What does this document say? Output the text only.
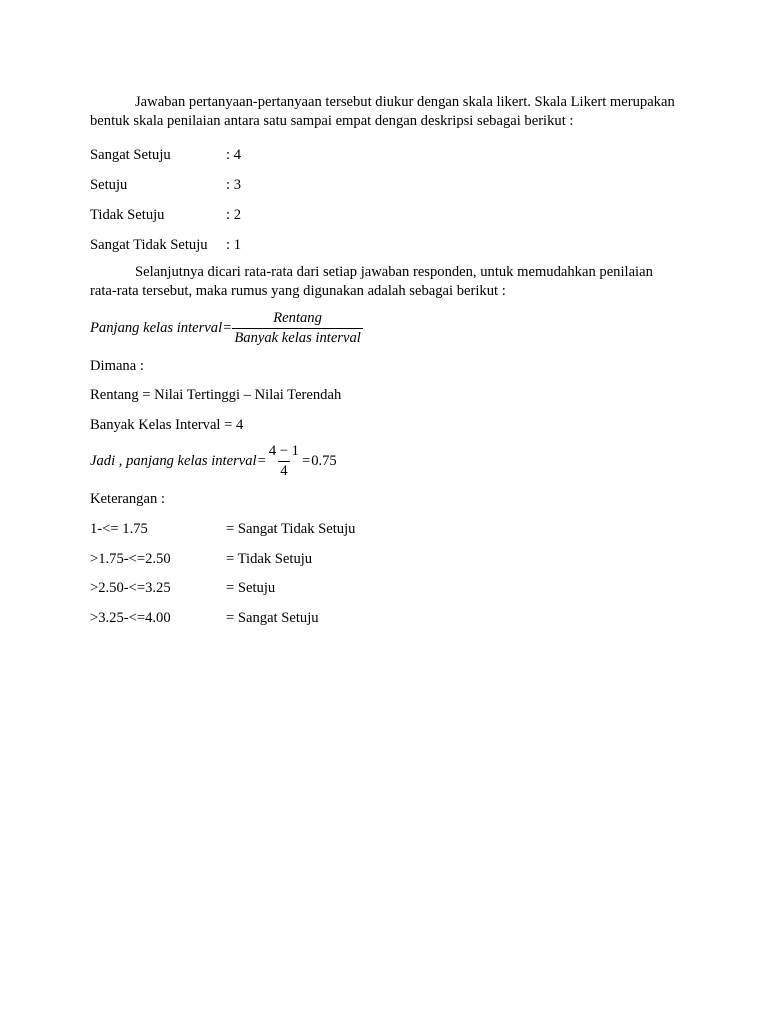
Jawaban pertanyaan-pertanyaan tersebut diukur dengan skala likert. Skala Likert merupakan bentuk skala penilaian antara satu sampai empat dengan deskripsi sebagai berikut :

Sangat Setuju	: 4
Setuju	: 3
Tidak Setuju	: 2
Sangat Tidak Setuju	: 1

Selanjutnya dicari rata-rata dari setiap jawaban responden, untuk memudahkan penilaian rata-rata tersebut, maka rumus yang digunakan adalah sebagai berikut :

Panjang kelas interval = $\frac{\text{Rentang}}{\text{Banyak kelas interval}}$
Dimana :
Rentang = Nilai Tertinggi – Nilai Terendah
Banyak Kelas Interval = 4
Jadi , panjang kelas interval = $\frac{4 - 1}{4} = 0.75$
Keterangan :
1-<= 1.75	= Sangat Tidak Setuju
>1.75-<=2.50	= Tidak Setuju
>2.50-<=3.25	= Setuju
>3.25-<=4.00	= Sangat Setuju
